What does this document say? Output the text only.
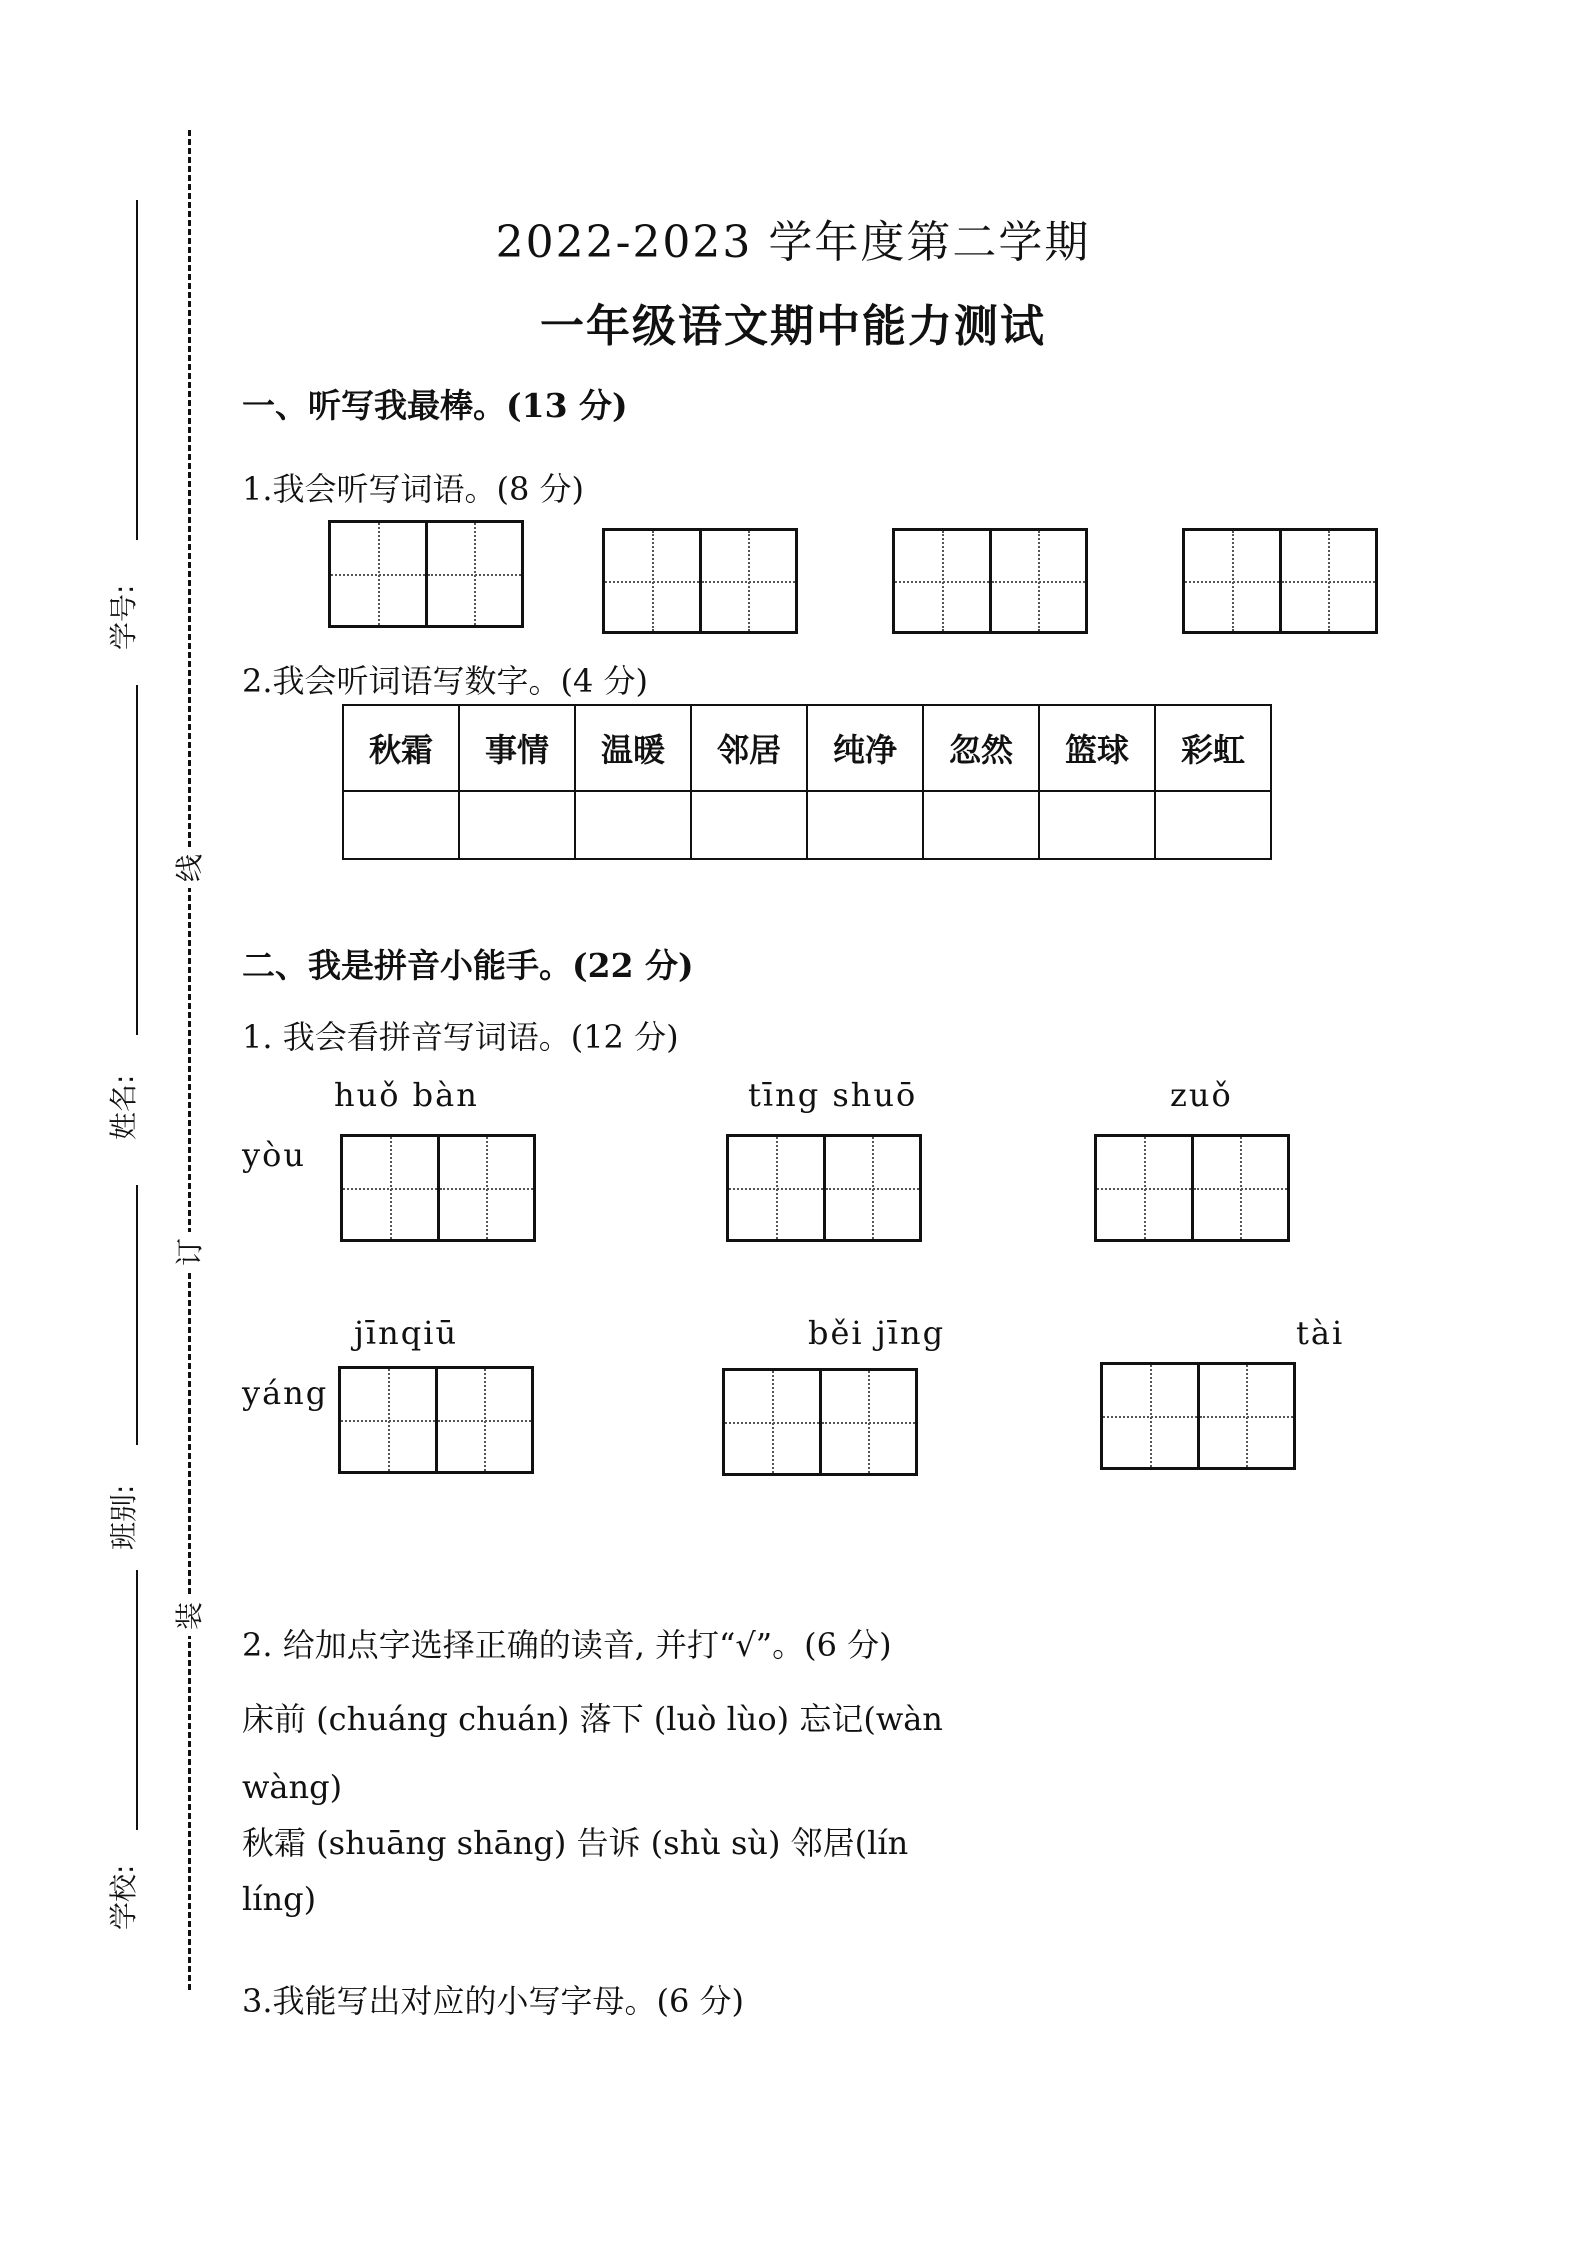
学号:
姓名:
班别:
学校:
线
订
装
2022-2023 学年度第二学期
一年级语文期中能力测试
一、听写我最棒。(13 分)
1.我会听写词语。(8 分)
2.我会听词语写数字。(4 分)
秋霜	事情	温暖	邻居	纯净	忽然	篮球	彩虹

二、我是拼音小能手。(22 分)
1. 我会看拼音写词语。(12 分)
huǒ bàn
yòu
tīng shuō	zuǒ
jīnqiū
yáng
běi jīng	tài
2. 给加点字选择正确的读音, 并打“√”。(6 分)
床前 (chuáng chuán) 落下 (luò lùo) 忘记(wàn
wàng)
秋霜 (shuāng shāng) 告诉 (shù sù) 邻居(lín
líng)
3.我能写出对应的小写字母。(6 分)
